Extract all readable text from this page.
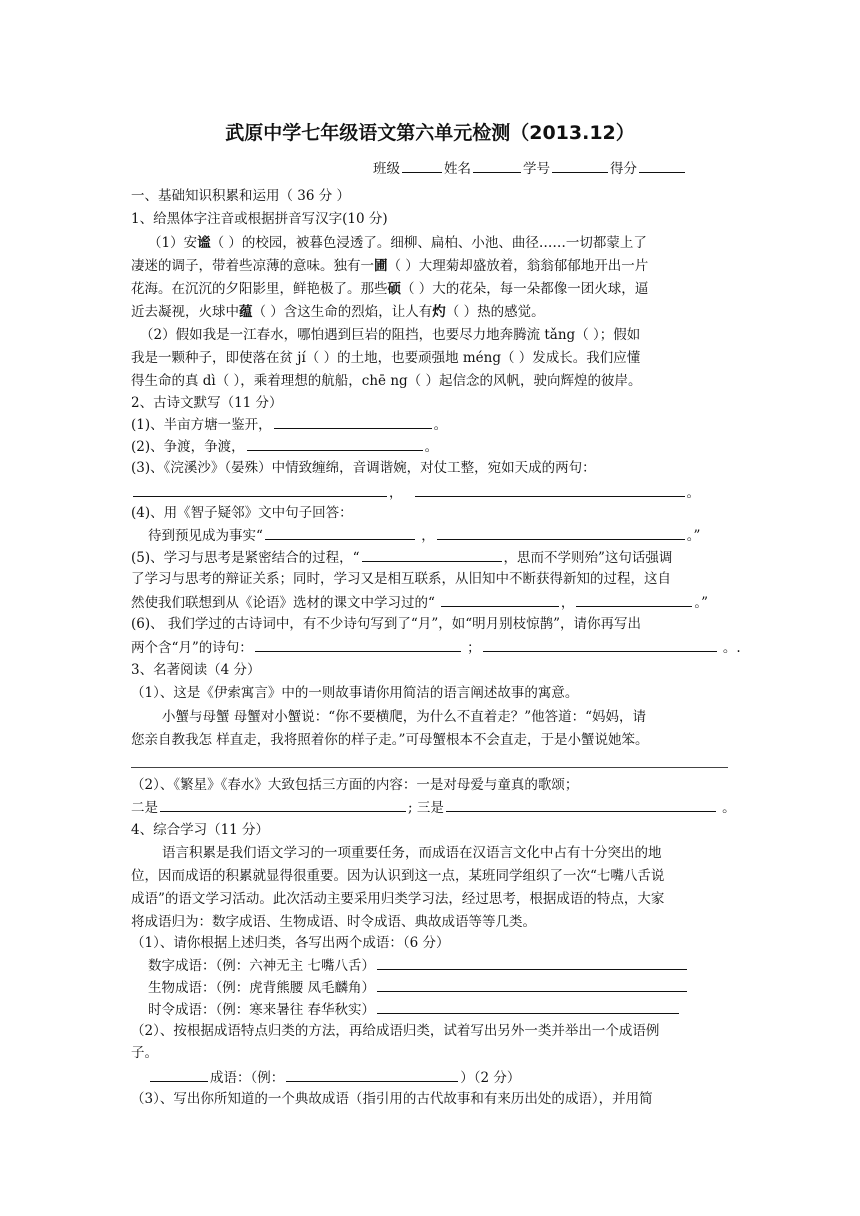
武原中学七年级语文第六单元检测（2013.12）
班级	姓名	学号	得分
一、基础知识积累和运用（ 36 分 ）
1、给黑体字注音或根据拼音写汉字(10 分)
（1）安谧（ ）的校园，被暮色浸透了。细柳、扁柏、小池、曲径……一切都蒙上了
凄迷的调子，带着些凉薄的意味。独有一圃（ ）大理菊却盛放着，翁翁郁郁地开出一片
花海。在沉沉的夕阳影里，鲜艳极了。那些硕（ ）大的花朵，每一朵都像一团火球，逼
近去凝视，火球中蕴（ ）含这生命的烈焰，让人有灼（ ）热的感觉。
（2）假如我是一江春水，哪怕遇到巨岩的阻挡，也要尽力地奔腾流 tǎng（ ）；假如
我是一颗种子，即使落在贫 jí（ ）的土地，也要顽强地 méng（ ）发成长。我们应懂
得生命的真 dì（ ），乘着理想的航船，chē ng（ ）起信念的风帆，驶向辉煌的彼岸。
2、古诗文默写（11 分）
(1)、半亩方塘一鉴开，	。
(2)、争渡，争渡，	。
(3)、《浣溪沙》（晏殊）中情致缠绵，音调谐婉，对仗工整，宛如天成的两句：
，	。
(4)、用《智子疑邻》文中句子回答：
待到预见成为事实“	，	。”
(5)、学习与思考是紧密结合的过程，“	，思而不学则殆”这句话强调
了学习与思考的辩证关系；同时，学习又是相互联系，从旧知中不断获得新知的过程，这自
然使我们联想到从《论语》选材的课文中学习过的“	，	。”
(6)、 我们学过的古诗词中，有不少诗句写到了“月”，如“明月别枝惊鹊”，请你再写出
两个含“月”的诗句：	；	。.
3、名著阅读（4 分）
（1）、这是《伊索寓言》中的一则故事请你用简洁的语言阐述故事的寓意。
小蟹与母蟹 母蟹对小蟹说：“你不要横爬，为什么不直着走？”他答道：“妈妈，请
您亲自教我怎 样直走，我将照着你的样子走。”可母蟹根本不会直走，于是小蟹说她笨。
（2）、《繁星》《春水》大致包括三方面的内容：一是对母爱与童真的歌颂；
二是	; 三是	。
4、综合学习（11 分）
语言积累是我们语文学习的一项重要任务，而成语在汉语言文化中占有十分突出的地
位，因而成语的积累就显得很重要。因为认识到这一点，某班同学组织了一次“七嘴八舌说
成语”的语文学习活动。此次活动主要采用归类学习法，经过思考，根据成语的特点，大家
将成语归为：数字成语、生物成语、时令成语、典故成语等等几类。
（1）、请你根据上述归类，各写出两个成语：（6 分）
数字成语：（例：六神无主 七嘴八舌）
生物成语：（例：虎背熊腰 凤毛麟角）
时令成语：（例：寒来暑往 春华秋实）
（2）、按根据成语特点归类的方法，再给成语归类，试着写出另外一类并举出一个成语例
子。
成语：（例：	）（2 分）
（3）、写出你所知道的一个典故成语（指引用的古代故事和有来历出处的成语），并用简
